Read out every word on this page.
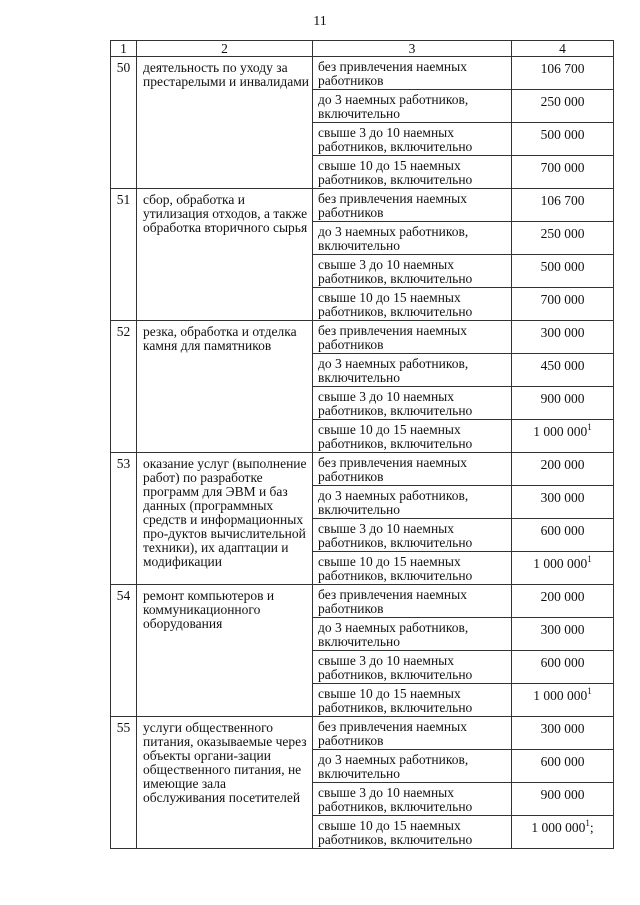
11
1	2	3	4
50	деятельность по уходу за престарелыми и инвалидами	без привлечения наемных работников	106 700
		до 3 наемных работников, включительно	250 000
		свыше 3 до 10 наемных работников, включительно	500 000
		свыше 10 до 15 наемных работников, включительно	700 000
51	сбор, обработка и утилизация отходов, а также обработка вторичного сырья	без привлечения наемных работников	106 700
		до 3 наемных работников, включительно	250 000
		свыше 3 до 10 наемных работников, включительно	500 000
		свыше 10 до 15 наемных работников, включительно	700 000
52	резка, обработка и отделка камня для памятников	без привлечения наемных работников	300 000
		до 3 наемных работников, включительно	450 000
		свыше 3 до 10 наемных работников, включительно	900 000
		свыше 10 до 15 наемных работников, включительно	1 000 $000^1$
53	оказание услуг (выполнение работ) по разработке программ для ЭВМ и баз данных (программных средств и информационных про-дуктов вычислительной техники), их адаптации и модификации	без привлечения наемных работников	200 000
		до 3 наемных работников, включительно	300 000
		свыше 3 до 10 наемных работников, включительно	600 000
		свыше 10 до 15 наемных работников, включительно	1 000 $000^1$
54	ремонт компьютеров и коммуникационного оборудования	без привлечения наемных работников	200 000
		до 3 наемных работников, включительно	300 000
		свыше 3 до 10 наемных работников, включительно	600 000
		свыше 10 до 15 наемных работников, включительно	1 000 $000^1$
55	услуги общественного питания, оказываемые через объекты органи-зации общественного питания, не имеющие зала обслуживания посетителей	без привлечения наемных работников	300 000
		до 3 наемных работников, включительно	600 000
		свыше 3 до 10 наемных работников, включительно	900 000
		свыше 10 до 15 наемных работников, включительно	1 000 $000^1$;
